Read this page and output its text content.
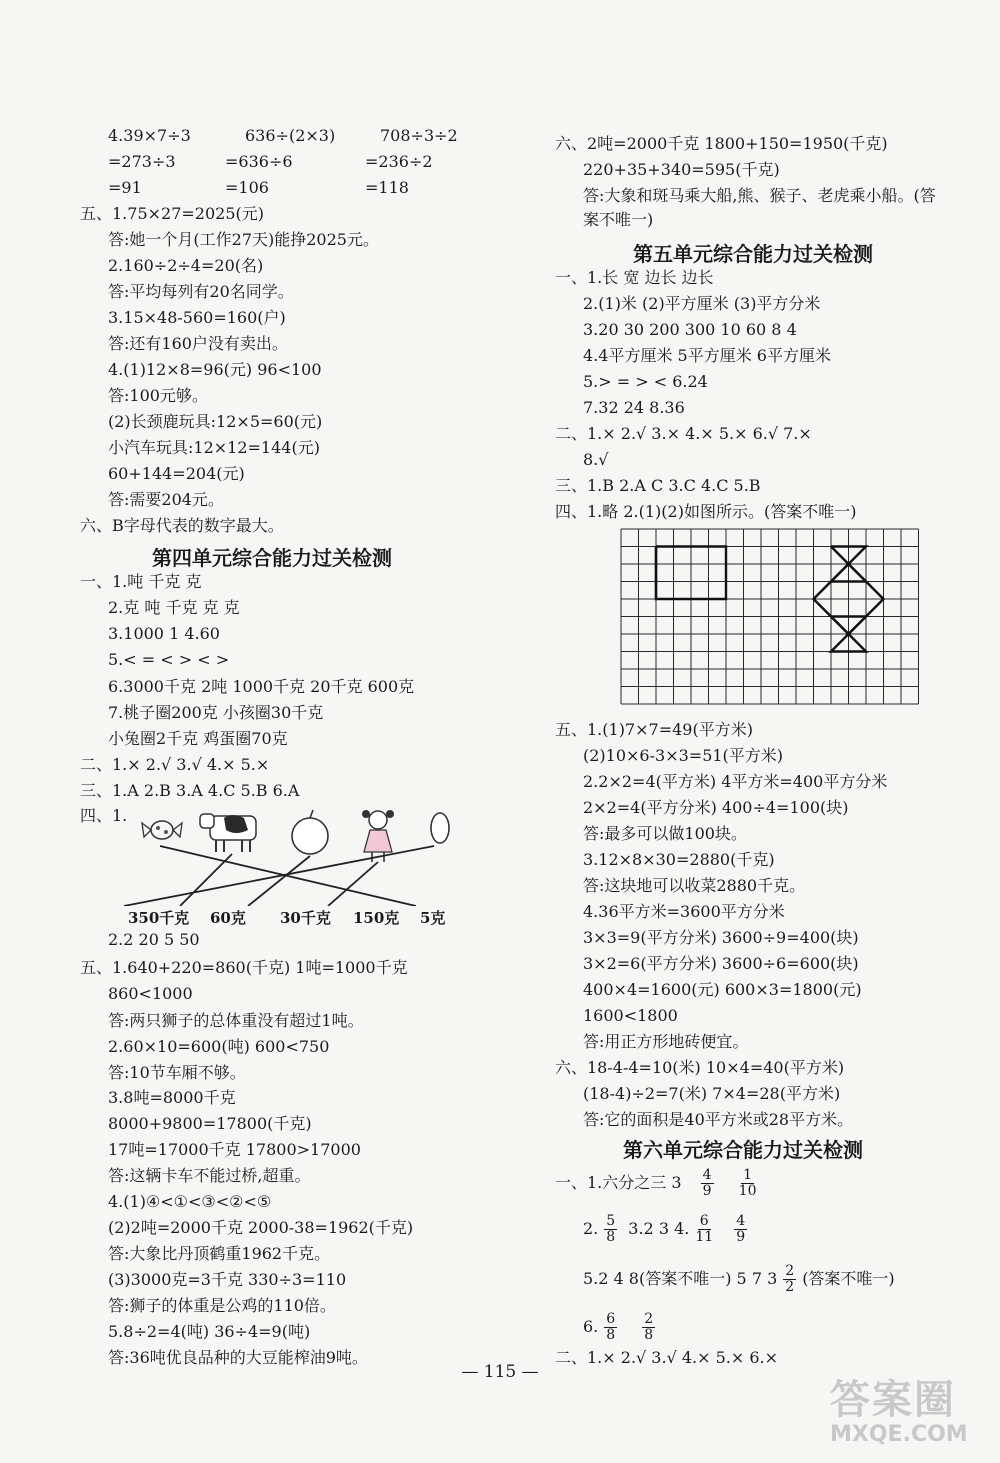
4.39×7÷3	636÷(2×3)	708÷3÷2
=273÷3	=636÷6	=236÷2
=91	=106	=118
五、1.75×27=2025(元)
答:她一个月(工作27天)能挣2025元。
2.160÷2÷4=20(名)
答:平均每列有20名同学。
3.15×48-560=160(户)
答:还有160户没有卖出。
4.(1)12×8=96(元) 96<100
答:100元够。
(2)长颈鹿玩具:12×5=60(元)
小汽车玩具:12×12=144(元)
60+144=204(元)
答:需要204元。
六、B字母代表的数字最大。
第四单元综合能力过关检测
一、1.吨 千克 克
2.克 吨 千克 克 克
3.1000 1 4.60
5.< = < > < >
6.3000千克 2吨 1000千克 20千克 600克
7.桃子圈200克 小孩圈30千克
小兔圈2千克 鸡蛋圈70克
二、1.× 2.√ 3.√ 4.× 5.×
三、1.A 2.B 3.A 4.C 5.B 6.A
四、1.
350千克 60克 30千克 150克 5克
2.2 20 5 50
五、1.640+220=860(千克) 1吨=1000千克
860<1000
答:两只狮子的总体重没有超过1吨。
2.60×10=600(吨) 600<750
答:10节车厢不够。
3.8吨=8000千克
8000+9800=17800(千克)
17吨=17000千克 17800>17000
答:这辆卡车不能过桥,超重。
4.(1)④<①<③<②<⑤
(2)2吨=2000千克 2000-38=1962(千克)
答:大象比丹顶鹤重1962千克。
(3)3000克=3千克 330÷3=110
答:狮子的体重是公鸡的110倍。
5.8÷2=4(吨) 36÷4=9(吨)
答:36吨优良品种的大豆能榨油9吨。
六、2吨=2000千克 1800+150=1950(千克)
220+35+340=595(千克)
答:大象和斑马乘大船,熊、猴子、老虎乘小船。(答
案不唯一)
第五单元综合能力过关检测
一、1.长 宽 边长 边长
2.(1)米 (2)平方厘米 (3)平方分米
3.20 30 200 300 10 60 8 4
4.4平方厘米 5平方厘米 6平方厘米
5.> = > < 6.24
7.32 24 8.36
二、1.× 2.√ 3.× 4.× 5.× 6.√ 7.×
8.√
三、1.B 2.A C 3.C 4.C 5.B
四、1.略 2.(1)(2)如图所示。(答案不唯一)
五、1.(1)7×7=49(平方米)
(2)10×6-3×3=51(平方米)
2.2×2=4(平方米) 4平方米=400平方分米
2×2=4(平方分米) 400÷4=100(块)
答:最多可以做100块。
3.12×8×30=2880(千克)
答:这块地可以收菜2880千克。
4.36平方米=3600平方分米
3×3=9(平方分米) 3600÷9=400(块)
3×2=6(平方分米) 3600÷6=600(块)
400×4=1600(元) 600×3=1800(元)
1600<1800
答:用正方形地砖便宜。
六、18-4-4=10(米) 10×4=40(平方米)
(18-4)÷2=7(米) 7×4=28(平方米)
答:它的面积是40平方米或28平方米。
第六单元综合能力过关检测
一、1.六分之三 $3 \frac{4}{9}$
$\frac{1}{10}$
2. $\frac{5}{8} 3.2$ 3 4. $\frac{6}{11}$
$\frac{4}{9}$
5.2 4 8(答案不唯一) 5 7 $3 \frac{2}{2}$ (答案不唯一)
6. $\frac{6}{8}$
$\frac{2}{8}$
二、1.× 2.√ 3.√ 4.× 5.× 6.×
— 115 —
答案圈
MXQE.COM
